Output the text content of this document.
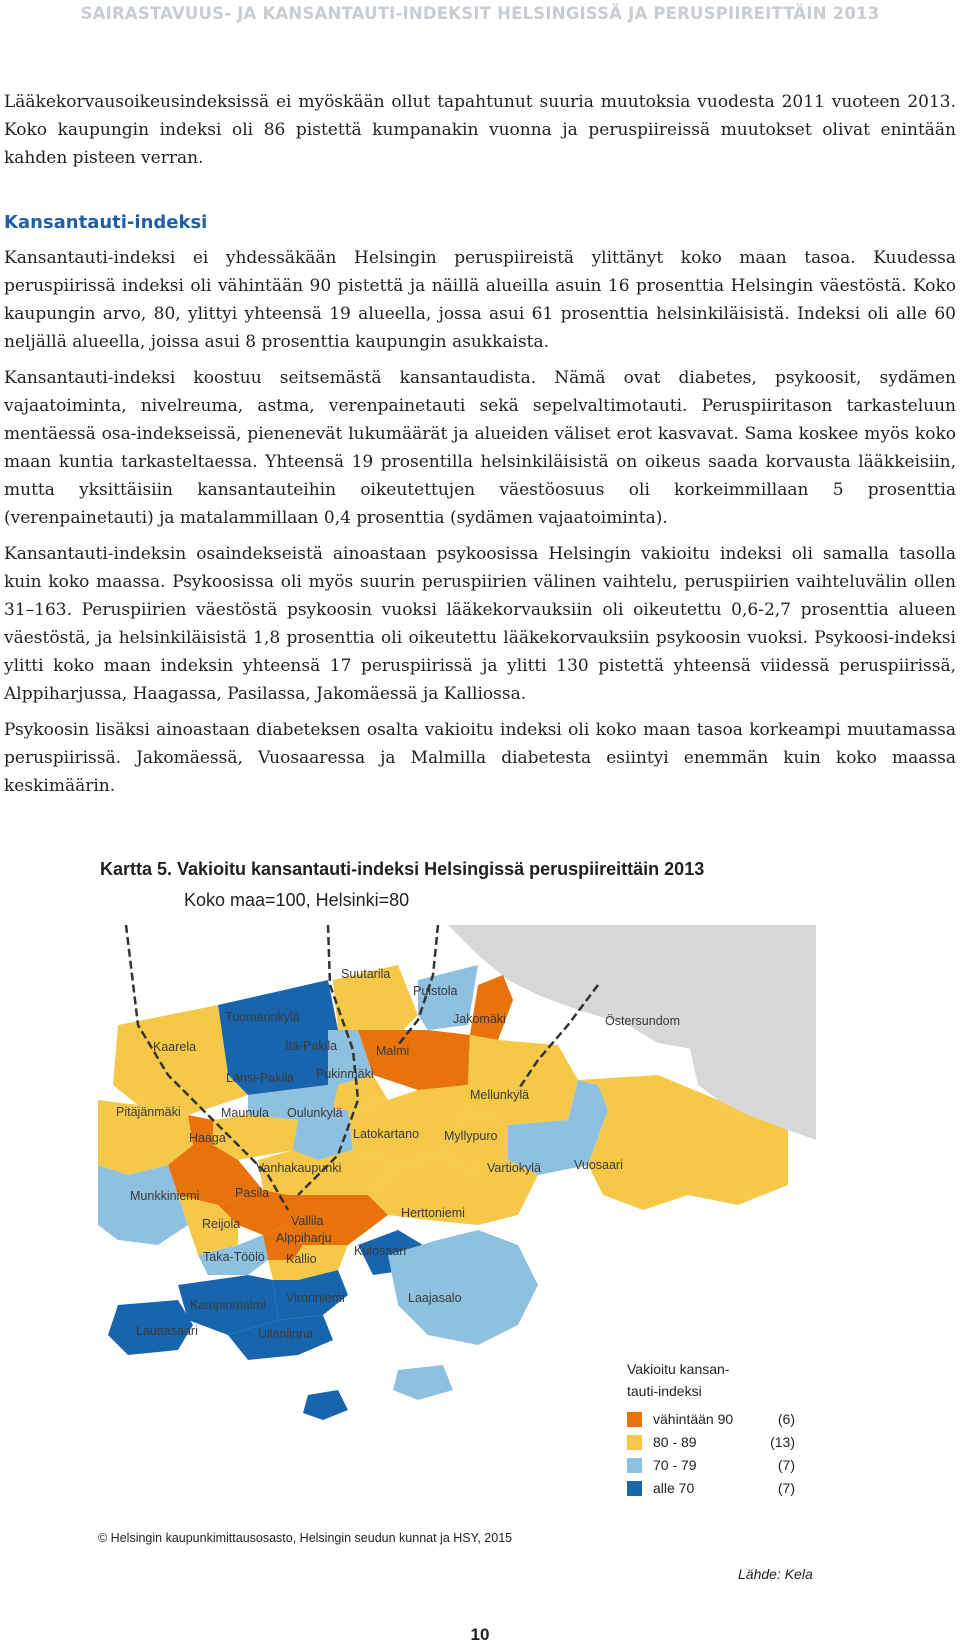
SAIRASTAVUUS- JA KANSANTAUTI-INDEKSIT HELSINGISSÄ JA PERUSPIIREITTÄIN 2013

Lääkekorvausoikeusindeksissä ei myöskään ollut tapahtunut suuria muutoksia vuodesta 2011 vuoteen 2013. Koko kaupungin indeksi oli 86 pistettä kumpanakin vuonna ja peruspiireissä muutokset olivat enintään kahden pisteen verran.

Kansantauti-indeksi

Kansantauti-indeksi ei yhdessäkään Helsingin peruspiireistä ylittänyt koko maan tasoa. Kuudessa peruspiirissä indeksi oli vähintään 90 pistettä ja näillä alueilla asuin 16 prosenttia Helsingin väestöstä. Koko kaupungin arvo, 80, ylittyi yhteensä 19 alueella, jossa asui 61 prosenttia helsinkiläisistä. Indeksi oli alle 60 neljällä alueella, joissa asui 8 prosenttia kaupungin asukkaista.

Kansantauti-indeksi koostuu seitsemästä kansantaudista. Nämä ovat diabetes, psykoosit, sydämen vajaatoiminta, nivelreuma, astma, verenpainetauti sekä sepelvaltimotauti. Peruspiiritason tarkasteluun mentäessä osa-indekseissä, pienenevät lukumäärät ja alueiden väliset erot kasvavat. Sama koskee myös koko maan kuntia tarkasteltaessa. Yhteensä 19 prosentilla helsinkiläisistä on oikeus saada korvausta lääkkeisiin, mutta yksittäisiin kansantauteihin oikeutettujen väestöosuus oli korkeimmillaan 5 prosenttia (verenpainetauti) ja matalammillaan 0,4 prosenttia (sydämen vajaatoiminta).

Kansantauti-indeksin osaindekseistä ainoastaan psykoosissa Helsingin vakioitu indeksi oli samalla tasolla kuin koko maassa. Psykoosissa oli myös suurin peruspiirien välinen vaihtelu, peruspiirien vaihteluvälin ollen 31–163. Peruspiirien väestöstä psykoosin vuoksi lääkekorvauksiin oli oikeutettu 0,6-2,7 prosenttia alueen väestöstä, ja helsinkiläisistä 1,8 prosenttia oli oikeutettu lääkekorvauksiin psykoosin vuoksi. Psykoosi-indeksi ylitti koko maan indeksin yhteensä 17 peruspiirissä ja ylitti 130 pistettä yhteensä viidessä peruspiirissä, Alppiharjussa, Haagassa, Pasilassa, Jakomäessä ja Kalliossa.

Psykoosin lisäksi ainoastaan diabeteksen osalta vakioitu indeksi oli koko maan tasoa korkeampi muutamassa peruspiirissä. Jakomäessä, Vuosaaressa ja Malmilla diabetesta esiintyi enemmän kuin koko maassa keskimäärin.

Kartta 5. Vakioitu kansantauti-indeksi Helsingissä peruspiireittäin 2013
Koko maa=100, Helsinki=80
Suutarila
Puistola
Tuomarinkylä	Jakomäki	Östersundom
Kaarela	Itä-Pakila	Malmi
Länsi-Pakila Pukinmäki
Mellunkylä
Pitäjänmäki	Maunula Oulunkylä
Haaga	Latokartano Myllypuro
Vanhakaupunki	Vartiokylä	Vuosaari
Munkkiniemi	Pasila
Herttoniemi
Reijola	Vallila
Alppiharju
Taka-Töölö Kallio
Kulosaari
Kampinmalmi Vironniemi	Laajasalo
Lauttasaari	Ullanlinna
Vakioitu kansan-
tauti-indeksi
vähintään 90	(6)
80 - 89	(13)
70 - 79	(7)
alle 70	(7)
© Helsingin kaupunkimittausosasto, Helsingin seudun kunnat ja HSY, 2015
Lähde: Kela
10
